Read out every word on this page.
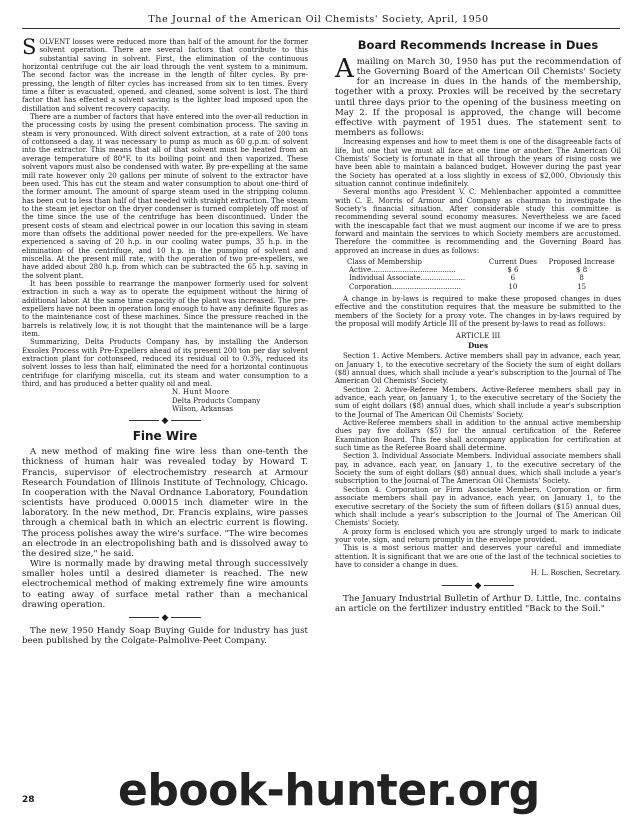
The Journal of the American Oil Chemists' Society, April, 1950

SOLVENT losses were reduced more than half of the amount for the former solvent operation. There are several factors that contribute to this substantial saving in solvent. First, the elimination of the continuous horizontal centrifuge cut the air load through the vent system to a minimum. The second factor was the increase in the length of filter cycles. By pre-pressing, the length of filter cycles has increased from six to ten times. Every time a filter is evacuated, opened, and cleaned, some solvent is lost. The third factor that has effected a solvent saving is the lighter load imposed upon the distillation and solvent recovery capacity.

There are a number of factors that have entered into the over-all reduction in the processing costs by using the present combination process. The saving in steam is very pronounced. With direct solvent extraction, at a rate of 200 tons of cottonseed a day, it was necessary to pump as much as 60 g.p.m. of solvent into the extractor. This means that all of that solvent must be heated from an average temperature of 80°F. to its boiling point and then vaporized. These solvent vapors must also be condensed with water. By pre-expelling at the same mill rate however only 20 gallons per minute of solvent to the extractor have been used. This has cut the steam and water consumption to about one-third of the former amount. The amount of sparge steam used in the stripping column has been cut to less than half of that needed with straight extraction. The steam to the steam jet ejector on the dryer condenser is turned completely off most of the time since the use of the centrifuge has been discontinued. Under the present costs of steam and electrical power in our location this saving in steam more than offsets the additional power needed for the pre-expellers. We have experienced a saving of 20 h.p. in our cooling water pumps, 35 h.p. in the elimination of the centrifuge, and 10 h.p. in the pumping of solvent and miscella. At the present mill rate, with the operation of two pre-expellers, we have added about 280 h.p. from which can be subtracted the 65 h.p. saving in the solvent plant.

It has been possible to rearrange the manpower formerly used for solvent extraction in such a way as to operate the equipment without the hiring of additional labor. At the same time capacity of the plant was increased. The pre-expellers have not been in operation long enough to have any definite figures as to the maintenance cost of these machines. Since the pressure reached in the barrels is relatively low, it is not thought that the maintenance will be a large item.

Summarizing, Delta Products Company has, by installing the Anderson Exsolex Process with Pre-Expellers ahead of its present 200 ton per day solvent extraction plant for cottonseed, reduced its residual oil to 0.3%, reduced its solvent losses to less than half, eliminated the need for a horizontal continuous centrifuge for clarifying miscella, cut its steam and water consumption to a third, and has produced a better quality oil and meal.

N. Hunt Moore
Delta Products Company
Wilson, Arkansas
◆
Fine Wire

A new method of making fine wire less than one-tenth the thickness of human hair was revealed today by Howard T. Francis, supervisor of electrochemistry research at Armour Research Foundation of Illinois Institute of Technology, Chicago. In cooperation with the Naval Ordnance Laboratory, Foundation scientists have produced 0.00015 inch diameter wire in the laboratory. In the new method, Dr. Francis explains, wire passes through a chemical bath in which an electric current is flowing. The process polishes away the wire's surface. "The wire becomes an electrode in an electropolishing bath and is dissolved away to the desired size," he said.

Wire is normally made by drawing metal through successively smaller holes until a desired diameter is reached. The new electrochemical method of making extremely fine wire amounts to eating away of surface metal rather than a mechanical drawing operation.

◆

The new 1950 Handy Soap Buying Guide for industry has just been published by the Colgate-Palmolive-Peet Company.

Board Recommends Increase in Dues

Amailing on March 30, 1950 has put the recommendation of the Governing Board of the American Oil Chemists' Society for an increase in dues in the hands of the membership, together with a proxy. Proxies will be received by the secretary until three days prior to the opening of the business meeting on May 2. If the proposal is approved, the change will become effective with payment of 1951 dues. The statement sent to members as follows:

Increasing expenses and how to meet them is one of the disagreeable facts of life, but one that we must all face at one time or another. The American Oil Chemists' Society is fortunate in that all through the years of rising costs we have been able to maintain a balanced budget. However during the past year the Society has operated at a loss slightly in excess of $2,000. Obviously this situation cannot continue indefinitely.

Several months ago President V. C. Mehlenbacher appointed a committee with C. E. Morris of Armour and Company as chairman to investigate the Society's financial situation. After considerable study this committee is recommending several sound economy measures. Nevertheless we are faced with the inescapable fact that we must augment our income if we are to press forward and maintain the services to which Society members are accustomed. Therefore the committee is recommending and the Governing Board has approved an increase in dues as follows:

Class of Membership	Current Dues	Proposed Increase
Active......................................	$ 6	$ 8
Individual Associate....................	6	8
Corporation...............................	10	15

A change in by-laws is required to make these proposed changes in dues effective and the constitution requires that the measure be submitted to the members of the Society for a proxy vote. The changes in by-laws required by the proposal will modify Article III of the present by-laws to read as follows:

ARTICLE III
Dues

Section 1. Active Members. Active members shall pay in advance, each year, on January 1, to the executive secretary of the Society the sum of eight dollars ($8) annual dues, which shall include a year's subscription to the Journal of The American Oil Chemists' Society.

Section 2. Active-Referee Members. Active-Referee members shall pay in advance, each year, on January 1, to the executive secretary of the Society the sum of eight dollars ($8) annual dues, which shall include a year's subscription to the Journal of The American Oil Chemists' Society.

Active-Referee members shall in addition to the annual active membership dues pay five dollars ($5) for the annual certification of the Referee Examination Board. This fee shall accompany application for certification at such time as the Referee Board shall determine.

Section 3. Individual Associate Members. Individual associate members shall pay, in advance, each year, on January 1, to the executive secretary of the Society the sum of eight dollars ($8) annual dues, which shall include a year's subscription to the Journal of The American Oil Chemists' Society.

Section 4. Corporation or Firm Associate Members. Corporation or firm associate members shall pay in advance, each year, on January 1, to the executive secretary of the Society the sum of fifteen dollars ($15) annual dues, which shall include a year's subscription to the Journal of The American Oil Chemists' Society.

A proxy form is enclosed which you are strongly urged to mark to indicate your vote, sign, and return promptly in the envelope provided.

This is a most serious matter and deserves your careful and immediate attention. It is significant that we are one of the last of the technical societies to have to consider a change in dues.

H. L. Roschen, Secretary.
◆

The January Industrial Bulletin of Arthur D. Little, Inc. contains an article on the fertilizer industry entitled "Back to the Soil."

28 ebook-hunter.org
